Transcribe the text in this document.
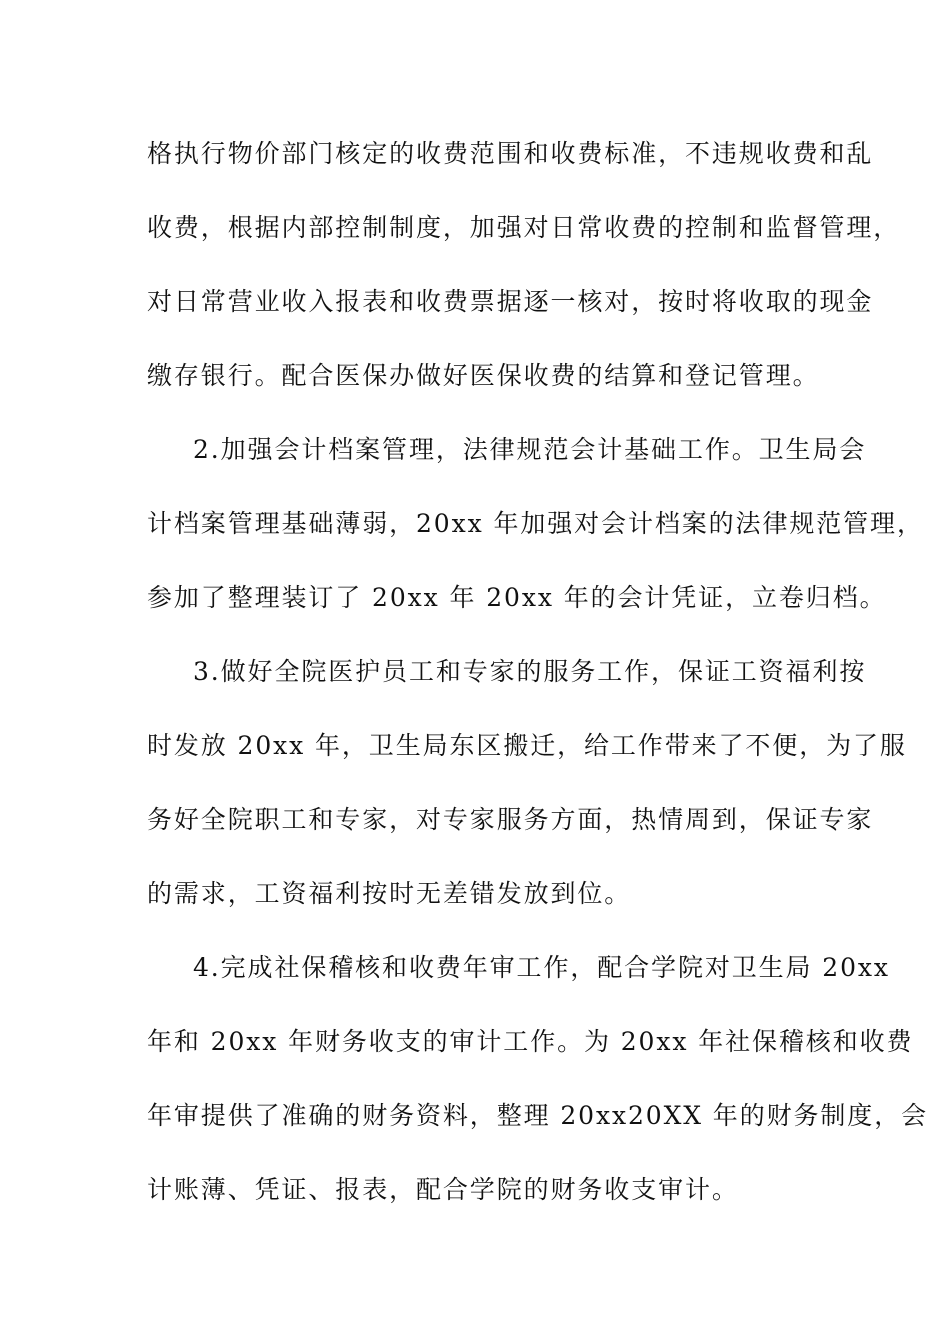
格执行物价部门核定的收费范围和收费标准，不违规收费和乱
收费，根据内部控制制度，加强对日常收费的控制和监督管理，
对日常营业收入报表和收费票据逐一核对，按时将收取的现金
缴存银行。配合医保办做好医保收费的结算和登记管理。
2.加强会计档案管理，法律规范会计基础工作。卫生局会
计档案管理基础薄弱，20xx 年加强对会计档案的法律规范管理，
参加了整理装订了 20xx 年 20xx 年的会计凭证，立卷归档。
3.做好全院医护员工和专家的服务工作，保证工资福利按
时发放 20xx 年，卫生局东区搬迁，给工作带来了不便，为了服
务好全院职工和专家，对专家服务方面，热情周到，保证专家
的需求，工资福利按时无差错发放到位。
4.完成社保稽核和收费年审工作，配合学院对卫生局 20xx
年和 20xx 年财务收支的审计工作。为 20xx 年社保稽核和收费
年审提供了准确的财务资料，整理 20xx20XX 年的财务制度，会
计账薄、凭证、报表，配合学院的财务收支审计。
